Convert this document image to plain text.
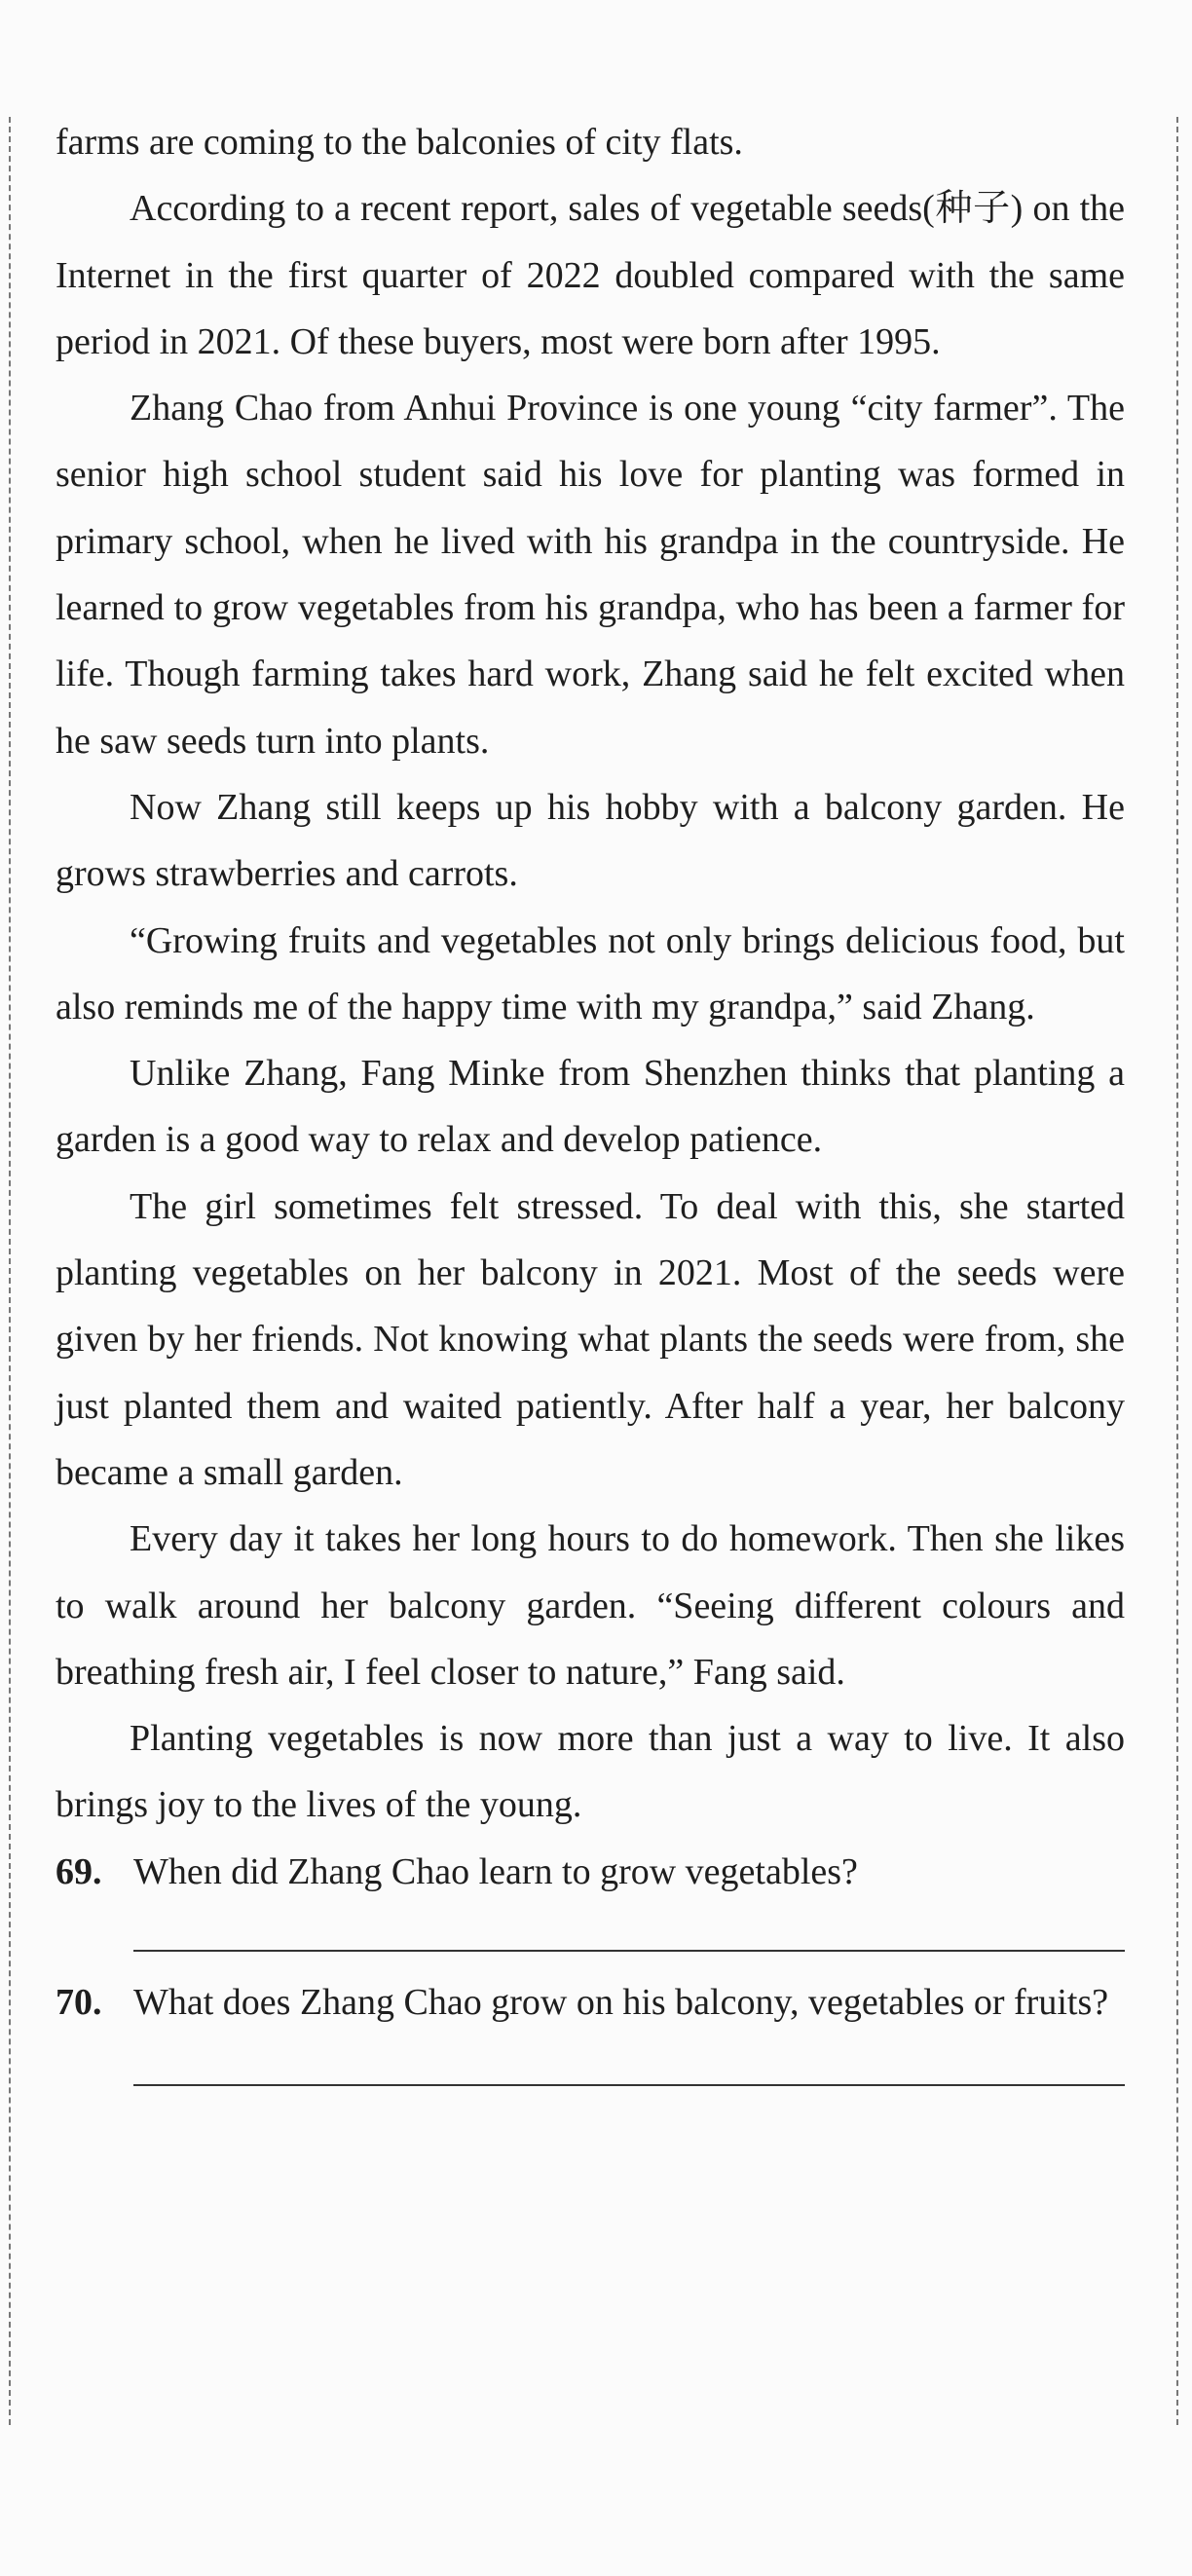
farms are coming to the balconies of city flats.

According to a recent report, sales of vegetable seeds(种子) on the Internet in the first quarter of 2022 doubled compared with the same period in 2021. Of these buyers, most were born after 1995.

Zhang Chao from Anhui Province is one young “city farmer”. The senior high school student said his love for planting was formed in primary school, when he lived with his grandpa in the countryside. He learned to grow vegetables from his grandpa, who has been a farmer for life. Though farming takes hard work, Zhang said he felt excited when he saw seeds turn into plants.

Now Zhang still keeps up his hobby with a balcony garden. He grows strawberries and carrots.

“Growing fruits and vegetables not only brings delicious food, but also reminds me of the happy time with my grandpa,” said Zhang.

Unlike Zhang, Fang Minke from Shenzhen thinks that planting a garden is a good way to relax and develop patience.

The girl sometimes felt stressed. To deal with this, she started planting vegetables on her balcony in 2021. Most of the seeds were given by her friends. Not knowing what plants the seeds were from, she just planted them and waited patiently. After half a year, her balcony became a small garden.

Every day it takes her long hours to do homework. Then she likes to walk around her balcony garden. “Seeing different colours and breathing fresh air, I feel closer to nature,” Fang said.

Planting vegetables is now more than just a way to live. It also brings joy to the lives of the young.

69. When did Zhang Chao learn to grow vegetables?
70. What does Zhang Chao grow on his balcony, vegetables or fruits?
